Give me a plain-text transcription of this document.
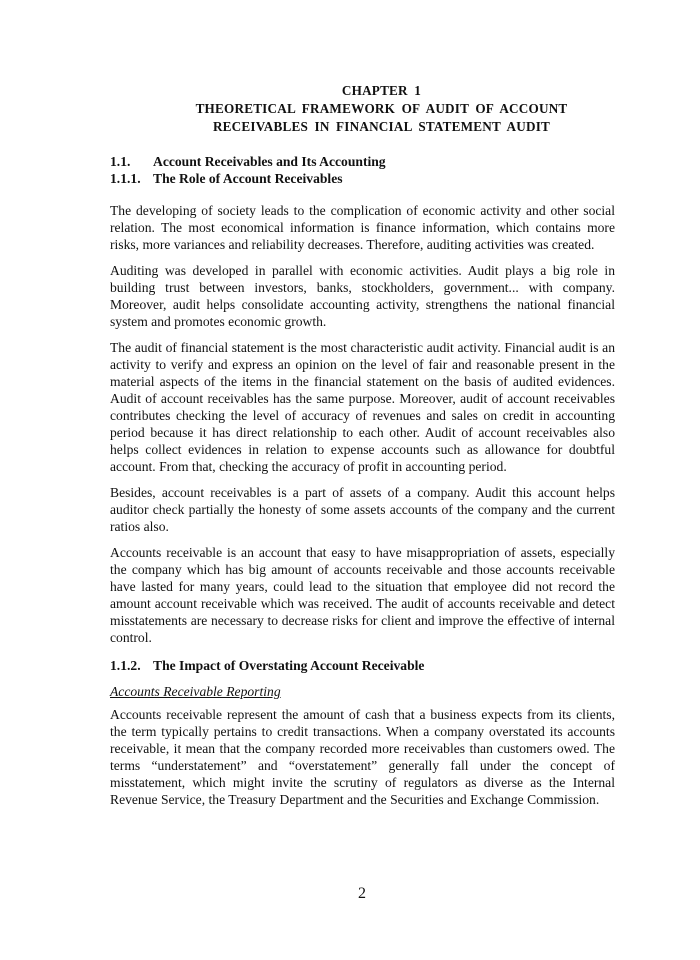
CHAPTER 1
THEORETICAL FRAMEWORK OF AUDIT OF ACCOUNT
RECEIVABLES IN FINANCIAL STATEMENT AUDIT
1.1. Account Receivables and Its Accounting
1.1.1. The Role of Account Receivables

The developing of society leads to the complication of economic activity and other social relation. The most economical information is finance information, which contains more risks, more variances and reliability decreases. Therefore, auditing activities was created.

Auditing was developed in parallel with economic activities. Audit plays a big role in building trust between investors, banks, stockholders, government... with company. Moreover, audit helps consolidate accounting activity, strengthens the national financial system and promotes economic growth.

The audit of financial statement is the most characteristic audit activity. Financial audit is an activity to verify and express an opinion on the level of fair and reasonable present in the material aspects of the items in the financial statement on the basis of audited evidences. Audit of account receivables has the same purpose. Moreover, audit of account receivables contributes checking the level of accuracy of revenues and sales on credit in accounting period because it has direct relationship to each other. Audit of account receivables also helps collect evidences in relation to expense accounts such as allowance for doubtful account. From that, checking the accuracy of profit in accounting period.

Besides, account receivables is a part of assets of a company. Audit this account helps auditor check partially the honesty of some assets accounts of the company and the current ratios also.

Accounts receivable is an account that easy to have misappropriation of assets, especially the company which has big amount of accounts receivable and those accounts receivable have lasted for many years, could lead to the situation that employee did not record the amount account receivable which was received. The audit of accounts receivable and detect misstatements are necessary to decrease risks for client and improve the effective of internal control.

1.1.2. The Impact of Overstating Account Receivable
Accounts Receivable Reporting

Accounts receivable represent the amount of cash that a business expects from its clients, the term typically pertains to credit transactions. When a company overstated its accounts receivable, it mean that the company recorded more receivables than customers owed. The terms “understatement” and “overstatement” generally fall under the concept of misstatement, which might invite the scrutiny of regulators as diverse as the Internal Revenue Service, the Treasury Department and the Securities and Exchange Commission.

2
